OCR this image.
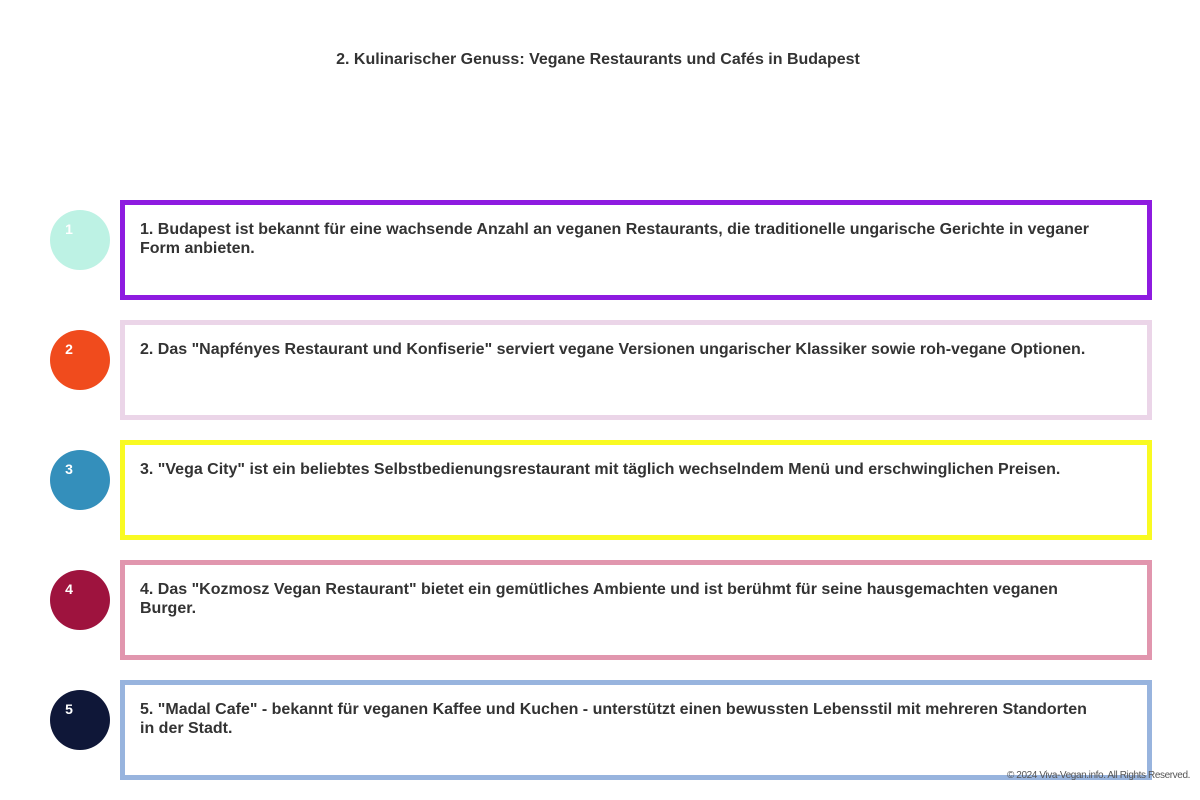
2. Kulinarischer Genuss: Vegane Restaurants und Cafés in Budapest
1	1. Budapest ist bekannt für eine wachsende Anzahl an veganen Restaurants, die traditionelle ungarische Gerichte in veganer Form anbieten.
2	2. Das "Napfényes Restaurant und Konfiserie" serviert vegane Versionen ungarischer Klassiker sowie roh-vegane Optionen.
3	3. "Vega City" ist ein beliebtes Selbstbedienungsrestaurant mit täglich wechselndem Menü und erschwinglichen Preisen.
4	4. Das "Kozmosz Vegan Restaurant" bietet ein gemütliches Ambiente und ist berühmt für seine hausgemachten veganen Burger.
5	5. "Madal Cafe" - bekannt für veganen Kaffee und Kuchen - unterstützt einen bewussten Lebensstil mit mehreren Standorten in der Stadt.
© 2024 Viva-Vegan.info. All Rights Reserved.
